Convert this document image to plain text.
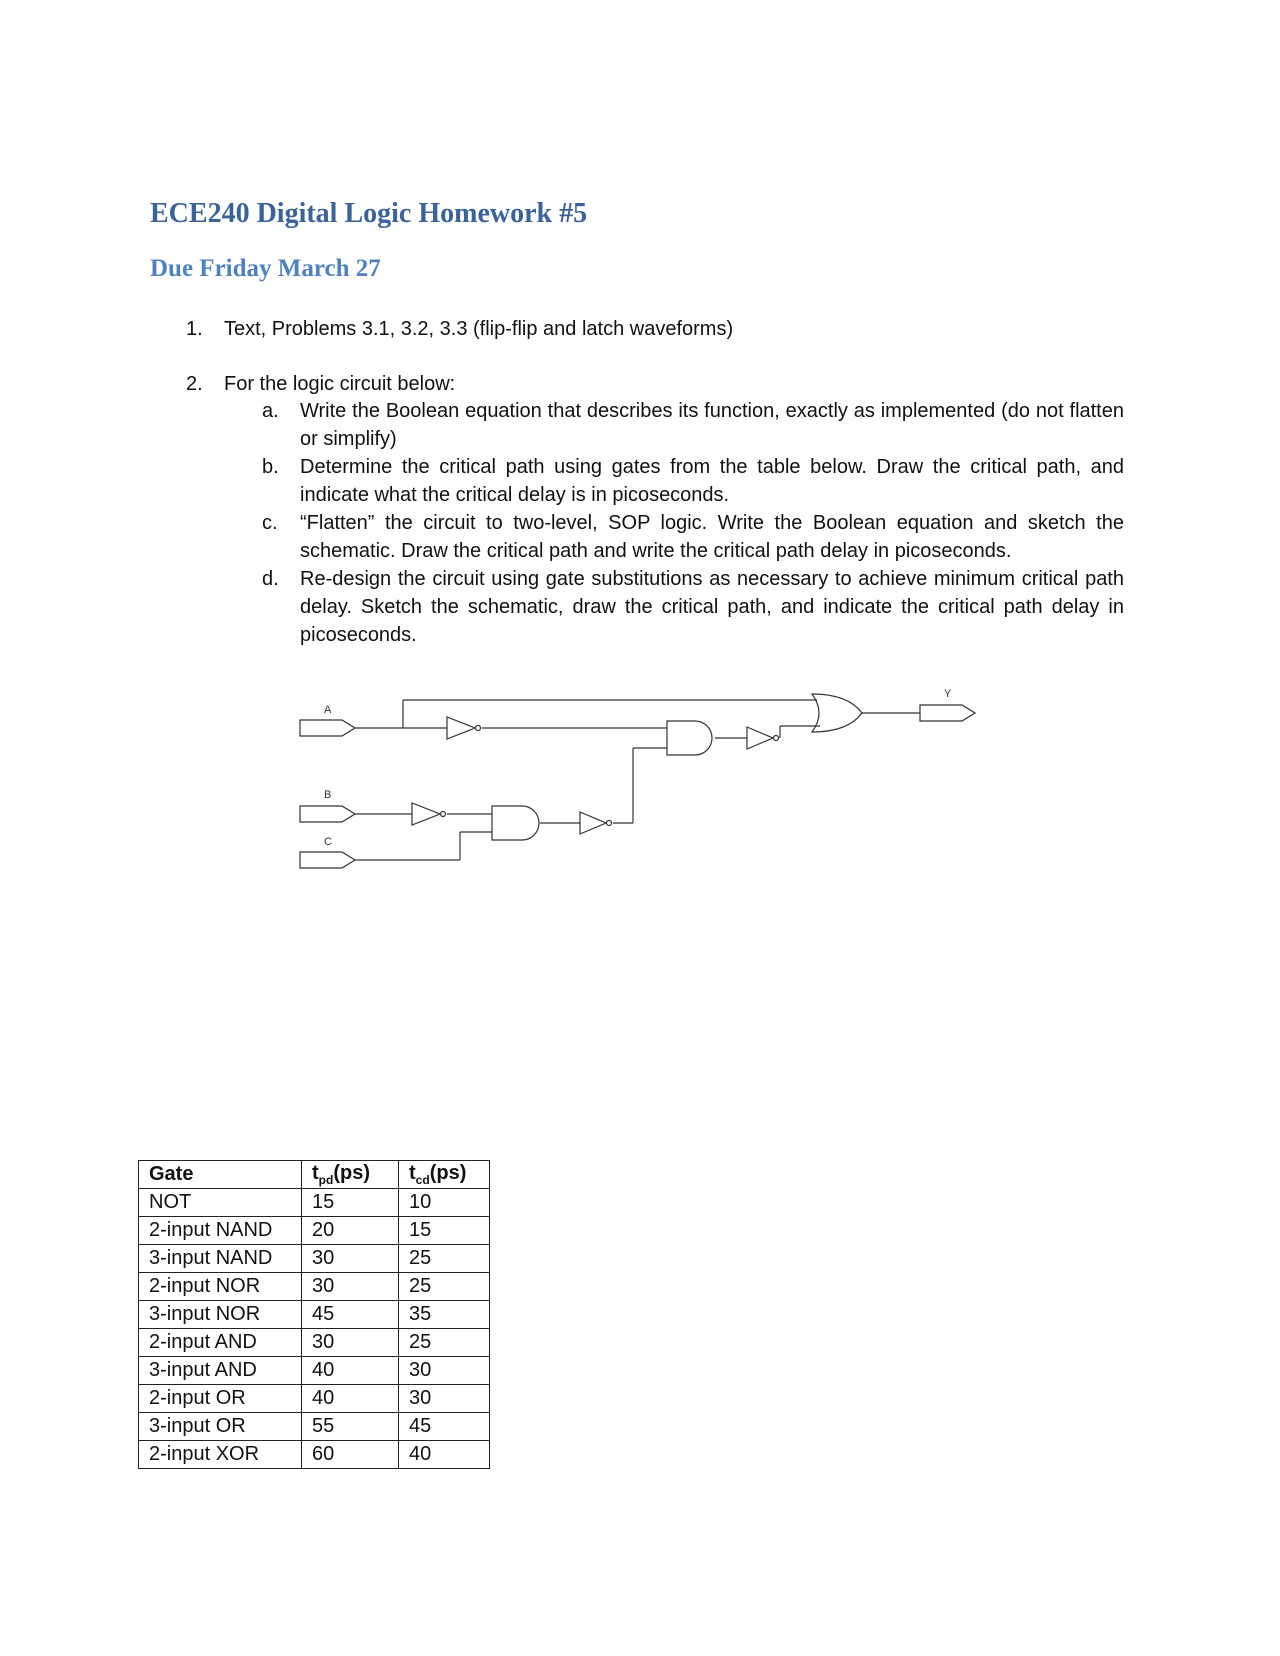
ECE240 Digital Logic Homework #5
Due Friday March 27
1. Text, Problems 3.1, 3.2, 3.3 (flip-flip and latch waveforms)
2. For the logic circuit below:
a. Write the Boolean equation that describes its function, exactly as implemented (do not flatten or simplify)
b. Determine the critical path using gates from the table below. Draw the critical path, and indicate what the critical delay is in picoseconds.
c. “Flatten” the circuit to two-level, SOP logic. Write the Boolean equation and sketch the schematic. Draw the critical path and write the critical path delay in picoseconds.
d. Re-design the circuit using gate substitutions as necessary to achieve minimum critical path delay. Sketch the schematic, draw the critical path, and indicate the critical path delay in picoseconds.
A
B
C
Y
Gate	$t_{pd}(ps)$	$t_{cd}(ps)$
NOT	15	10
2-input NAND	20	15
3-input NAND	30	25
2-input NOR	30	25
3-input NOR	45	35
2-input AND	30	25
3-input AND	40	30
2-input OR	40	30
3-input OR	55	45
2-input XOR	60	40
